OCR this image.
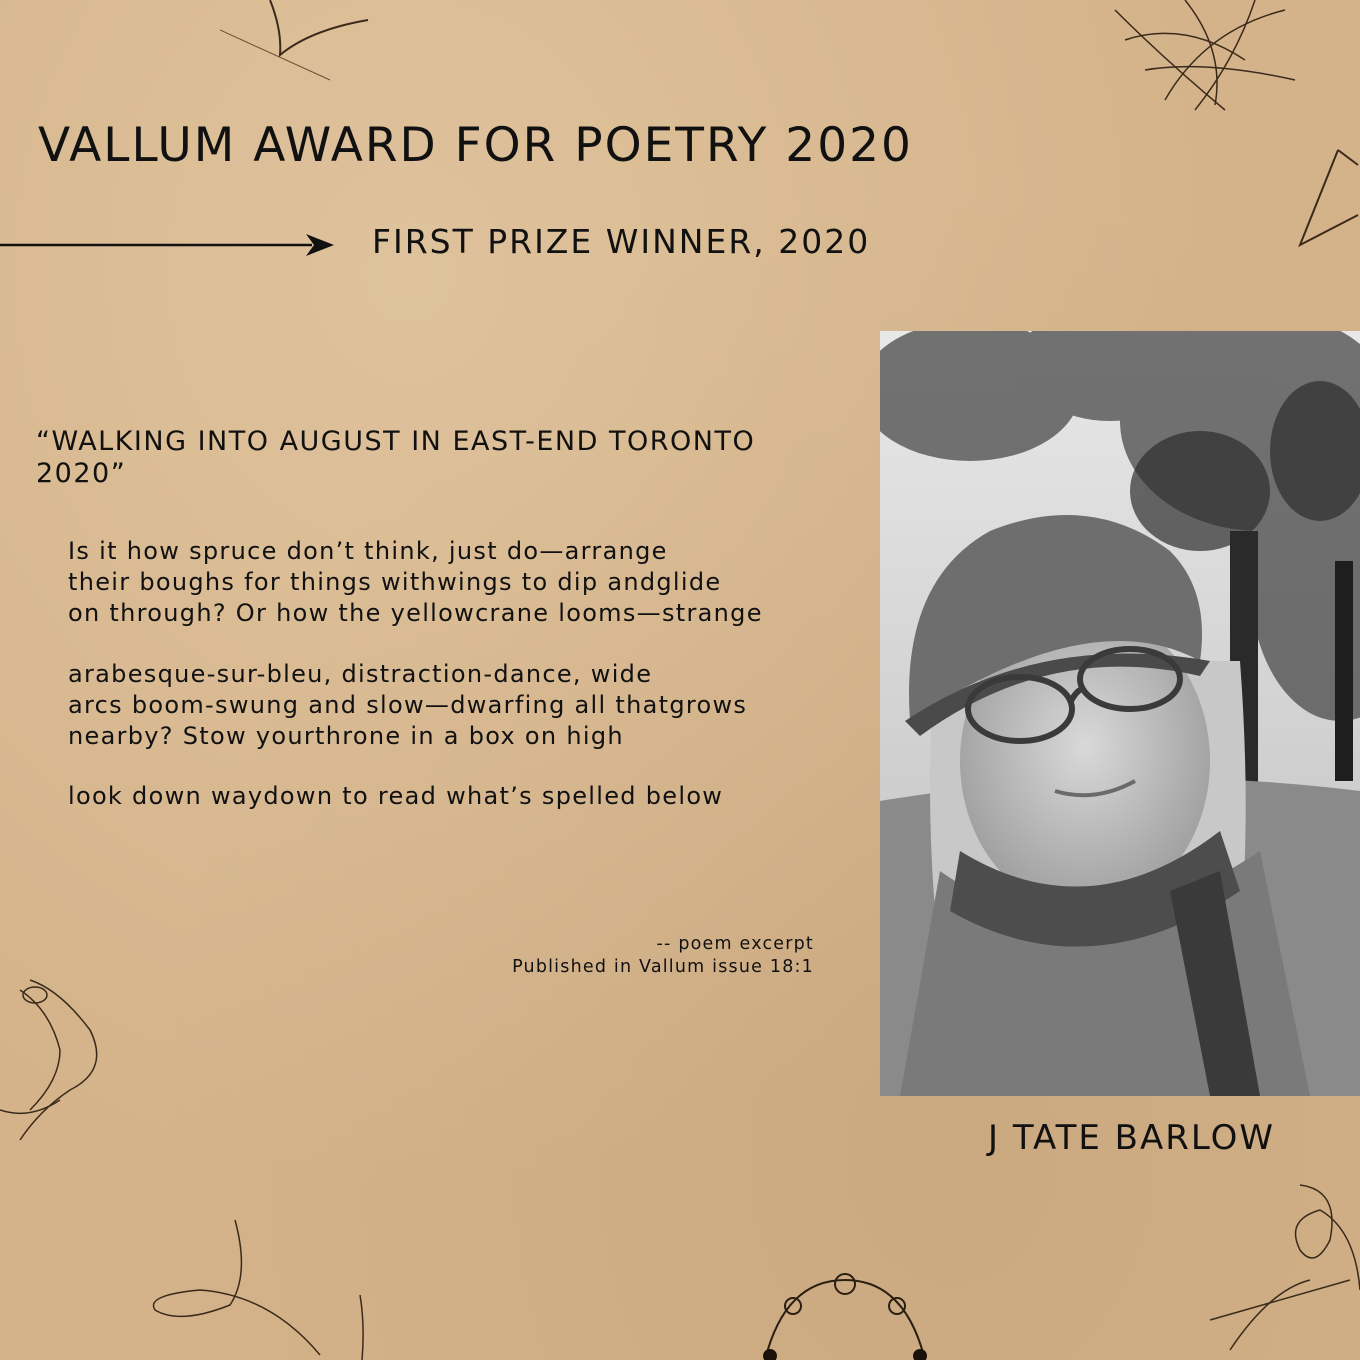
VALLUM AWARD FOR POETRY 2020
FIRST PRIZE WINNER, 2020
“WALKING INTO AUGUST IN EAST-END TORONTO 2020”
Is it how spruce don’t think, just do—arrange
their boughs for things withwings to dip andglide
on through? Or how the yellowcrane looms—strange
arabesque-sur-bleu, distraction-dance, wide
arcs boom-swung and slow—dwarfing all thatgrows
nearby? Stow yourthrone in a box on high
look down waydown to read what’s spelled below
-- poem excerpt
Published in Vallum issue 18:1
J TATE BARLOW
